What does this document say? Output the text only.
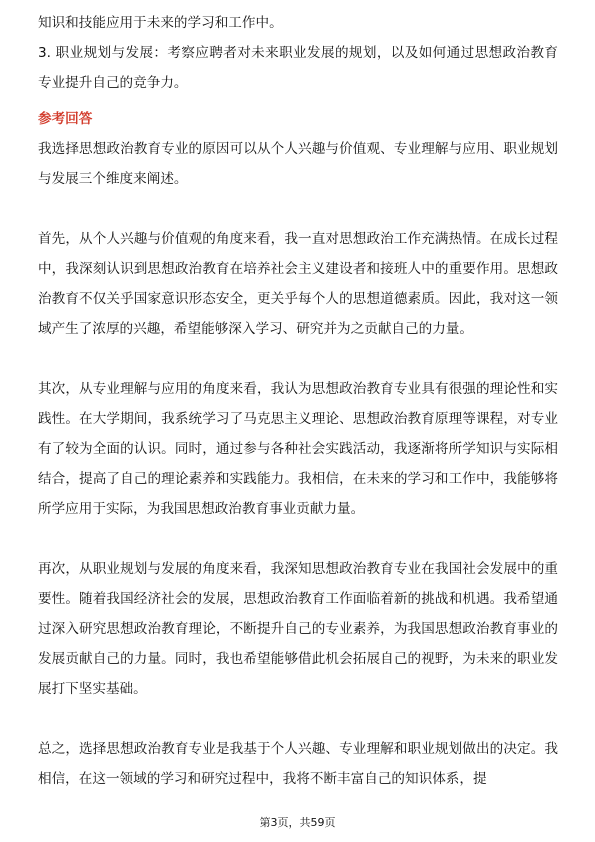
知识和技能应用于未来的学习和工作中。

3. 职业规划与发展：考察应聘者对未来职业发展的规划，以及如何通过思想政治教育专业提升自己的竞争力。

参考回答

我选择思想政治教育专业的原因可以从个人兴趣与价值观、专业理解与应用、职业规划与发展三个维度来阐述。

首先，从个人兴趣与价值观的角度来看，我一直对思想政治工作充满热情。在成长过程中，我深刻认识到思想政治教育在培养社会主义建设者和接班人中的重要作用。思想政治教育不仅关乎国家意识形态安全，更关乎每个人的思想道德素质。因此，我对这一领域产生了浓厚的兴趣，希望能够深入学习、研究并为之贡献自己的力量。

其次，从专业理解与应用的角度来看，我认为思想政治教育专业具有很强的理论性和实践性。在大学期间，我系统学习了马克思主义理论、思想政治教育原理等课程，对专业有了较为全面的认识。同时，通过参与各种社会实践活动，我逐渐将所学知识与实际相结合，提高了自己的理论素养和实践能力。我相信，在未来的学习和工作中，我能够将所学应用于实际，为我国思想政治教育事业贡献力量。

再次，从职业规划与发展的角度来看，我深知思想政治教育专业在我国社会发展中的重要性。随着我国经济社会的发展，思想政治教育工作面临着新的挑战和机遇。我希望通过深入研究思想政治教育理论，不断提升自己的专业素养，为我国思想政治教育事业的发展贡献自己的力量。同时，我也希望能够借此机会拓展自己的视野，为未来的职业发展打下坚实基础。

总之，选择思想政治教育专业是我基于个人兴趣、专业理解和职业规划做出的决定。我相信，在这一领域的学习和研究过程中，我将不断丰富自己的知识体系，提

第3页，共59页
